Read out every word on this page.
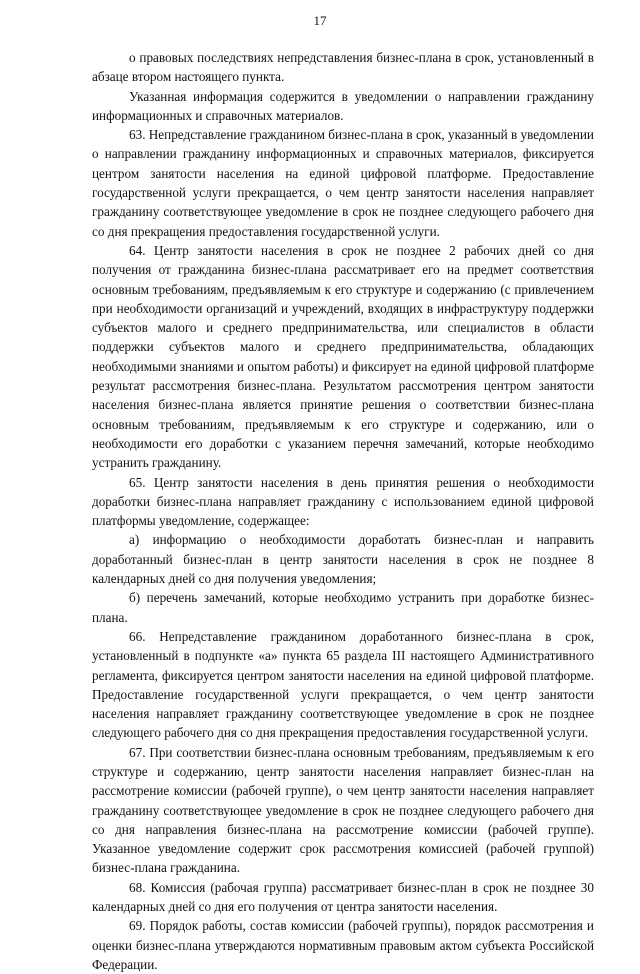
17

о правовых последствиях непредставления бизнес-плана в срок, установленный в абзаце втором настоящего пункта.

Указанная информация содержится в уведомлении о направлении гражданину информационных и справочных материалов.

63. Непредставление гражданином бизнес-плана в срок, указанный в уведомлении о направлении гражданину информационных и справочных материалов, фиксируется центром занятости населения на единой цифровой платформе. Предоставление государственной услуги прекращается, о чем центр занятости населения направляет гражданину соответствующее уведомление в срок не позднее следующего рабочего дня со дня прекращения предоставления государственной услуги.

64. Центр занятости населения в срок не позднее 2 рабочих дней со дня получения от гражданина бизнес-плана рассматривает его на предмет соответствия основным требованиям, предъявляемым к его структуре и содержанию (с привлечением при необходимости организаций и учреждений, входящих в инфраструктуру поддержки субъектов малого и среднего предпринимательства, или специалистов в области поддержки субъектов малого и среднего предпринимательства, обладающих необходимыми знаниями и опытом работы) и фиксирует на единой цифровой платформе результат рассмотрения бизнес-плана. Результатом рассмотрения центром занятости населения бизнес-плана является принятие решения о соответствии бизнес-плана основным требованиям, предъявляемым к его структуре и содержанию, или о необходимости его доработки с указанием перечня замечаний, которые необходимо устранить гражданину.

65. Центр занятости населения в день принятия решения о необходимости доработки бизнес-плана направляет гражданину с использованием единой цифровой платформы уведомление, содержащее:

а) информацию о необходимости доработать бизнес-план и направить доработанный бизнес-план в центр занятости населения в срок не позднее 8 календарных дней со дня получения уведомления;

б) перечень замечаний, которые необходимо устранить при доработке бизнес-плана.

66. Непредставление гражданином доработанного бизнес-плана в срок, установленный в подпункте «а» пункта 65 раздела III настоящего Административного регламента, фиксируется центром занятости населения на единой цифровой платформе. Предоставление государственной услуги прекращается, о чем центр занятости населения направляет гражданину соответствующее уведомление в срок не позднее следующего рабочего дня со дня прекращения предоставления государственной услуги.

67. При соответствии бизнес-плана основным требованиям, предъявляемым к его структуре и содержанию, центр занятости населения направляет бизнес-план на рассмотрение комиссии (рабочей группе), о чем центр занятости населения направляет гражданину соответствующее уведомление в срок не позднее следующего рабочего дня со дня направления бизнес-плана на рассмотрение комиссии (рабочей группе). Указанное уведомление содержит срок рассмотрения комиссией (рабочей группой) бизнес-плана гражданина.

68. Комиссия (рабочая группа) рассматривает бизнес-план в срок не позднее 30 календарных дней со дня его получения от центра занятости населения.

69. Порядок работы, состав комиссии (рабочей группы), порядок рассмотрения и оценки бизнес-плана утверждаются нормативным правовым актом субъекта Российской Федерации.
